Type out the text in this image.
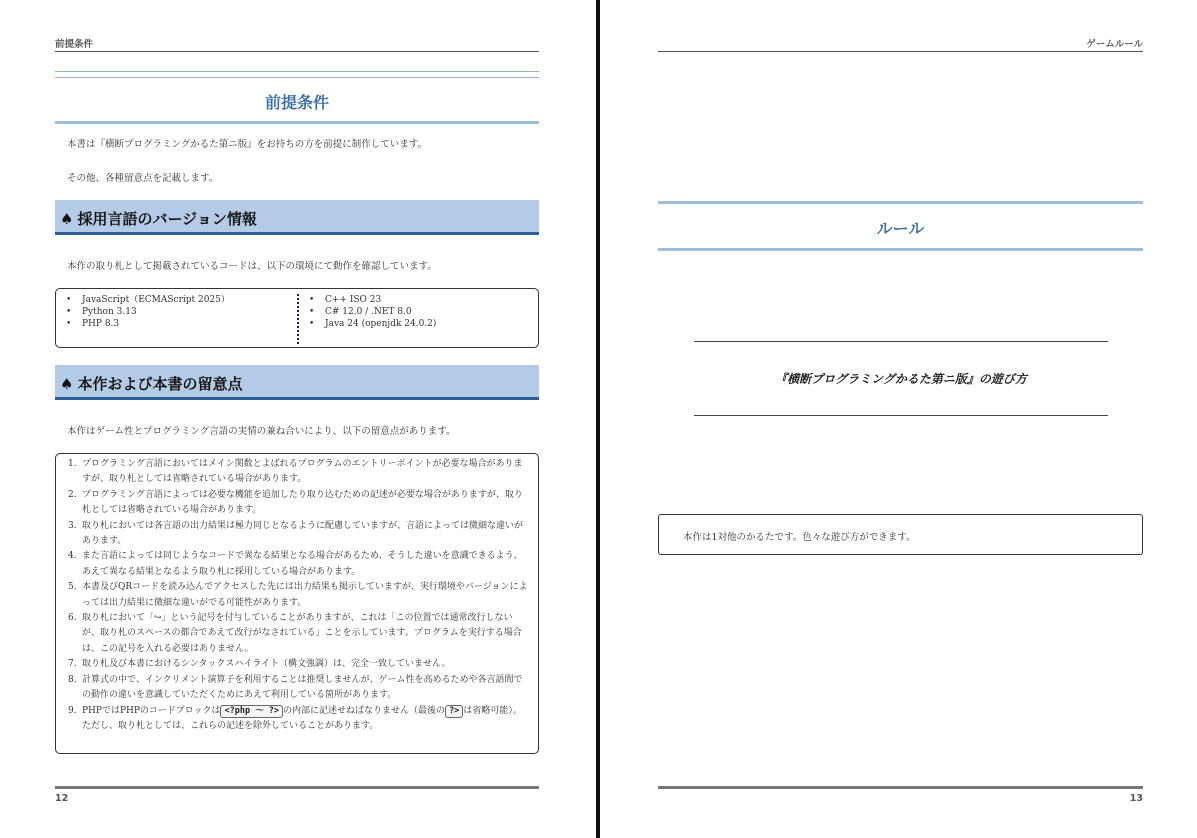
前提条件
前提条件
本書は『横断プログラミングかるた第ニ版』をお持ちの方を前提に制作しています。
その他、各種留意点を記載します。
♠ 採用言語のバージョン情報
本作の取り札として掲載されているコードは、以下の環境にて動作を確認しています。
• JavaScript（ECMAScript 2025）
• Python 3.13
• PHP 8.3
• C++ ISO 23
• C# 12.0 / .NET 8.0
• Java 24 (openjdk 24.0.2)
♠ 本作および本書の留意点
本作はゲーム性とプログラミング言語の実情の兼ね合いにより、以下の留意点があります。
1. プログラミング言語においてはメイン関数とよばれるプログラムのエントリーポイントが必要な場合がありますが、取り札としては省略されている場合があります。
2. プログラミング言語によっては必要な機能を追加したり取り込むための記述が必要な場合がありますが、取り札としては省略されている場合があります。
3. 取り札においては各言語の出力結果は極力同じとなるように配慮していますが、言語によっては微細な違いがあります。
4. また言語によっては同じようなコードで異なる結果となる場合があるため、そうした違いを意識できるよう、あえて異なる結果となるよう取り札に採用している場合があります。
5. 本書及びQRコードを読み込んでアクセスした先には出力結果も掲示していますが、実行環境やバージョンによっては出力結果に微細な違いがでる可能性があります。
6. 取り札において「↪」という記号を付与していることがありますが、これは「この位置では通常改行しないが、取り札のスペースの都合であえて改行がなされている」ことを示しています。プログラムを実行する場合は、この記号を入れる必要はありません。
7. 取り札及び本書におけるシンタックスハイライト（構文強調）は、完全一致していません。
8. 計算式の中で、インクリメント演算子を利用することは推奨しませんが、ゲーム性を高めるためや各言語間での動作の違いを意識していただくためにあえて利用している箇所があります。
9. PHPではPHPのコードブロックは <?php ～ ?> の内部に記述せねばなりません（最後の ?> は省略可能）。ただし、取り札としては、これらの記述を除外していることがあります。
12
ゲームルール
ルール
『横断プログラミングかるた第ニ版』の遊び方
本作は1対他のかるたです。色々な遊び方ができます。
13
